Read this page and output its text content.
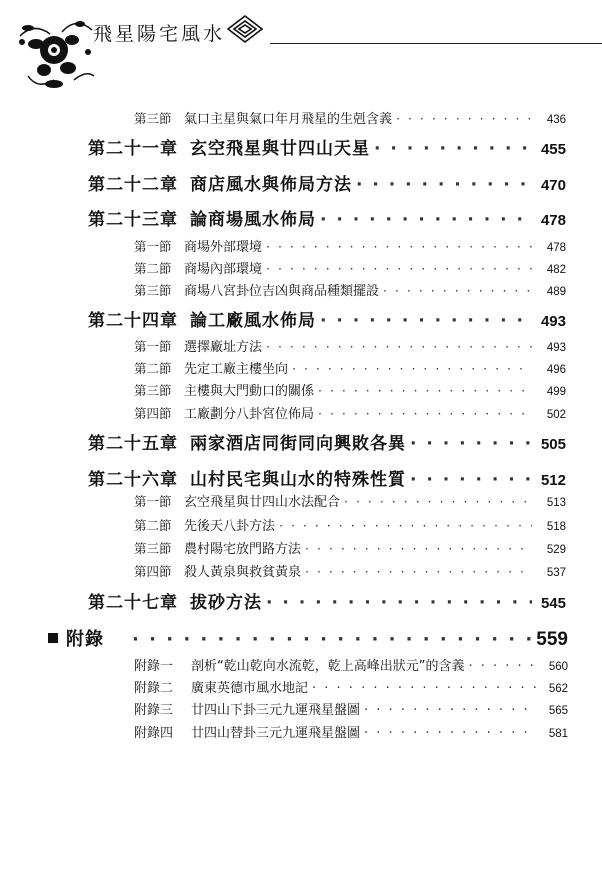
飛星陽宅風水
第三節 氣口主星與氣口年月飛星的生剋含義 · · ·	436
第二十一章 玄空飛星與廿四山天星 · · ·	455
第二十二章 商店風水與佈局方法 · · ·	470
第二十三章 論商場風水佈局 · · ·	478
第一節 商場外部環境 · · ·	478
第二節 商場內部環境 · · ·	482
第三節 商場八宮卦位吉凶與商品種類擺設 · · ·	489
第二十四章 論工廠風水佈局 · · ·	493
第一節 選擇廠址方法 · · ·	493
第二節 先定工廠主樓坐向 · · ·	496
第三節 主樓與大門動口的關係 · · ·	499
第四節 工廠劃分八卦宮位佈局 · · ·	502
第二十五章 兩家酒店同街同向興敗各異 · · ·	505
第二十六章 山村民宅與山水的特殊性質 · · ·	512
第一節 玄空飛星與廿四山水法配合 · · ·	513
第二節 先後天八卦方法 · · ·	518
第三節 農村陽宅放門路方法 · · ·	529
第四節 殺人黃泉與救貧黃泉 · · ·	537
第二十七章 拔砂方法 · · ·	545
附錄 · · ·	559
附錄一	剖析“乾山乾向水流乾，乾上高峰出狀元”的含義 · · ·	560
附錄二	廣東英德市風水地記 · · ·	562
附錄三	廿四山下卦三元九運飛星盤圖 · · ·	565
附錄四	廿四山替卦三元九運飛星盤圖 · · ·	581
